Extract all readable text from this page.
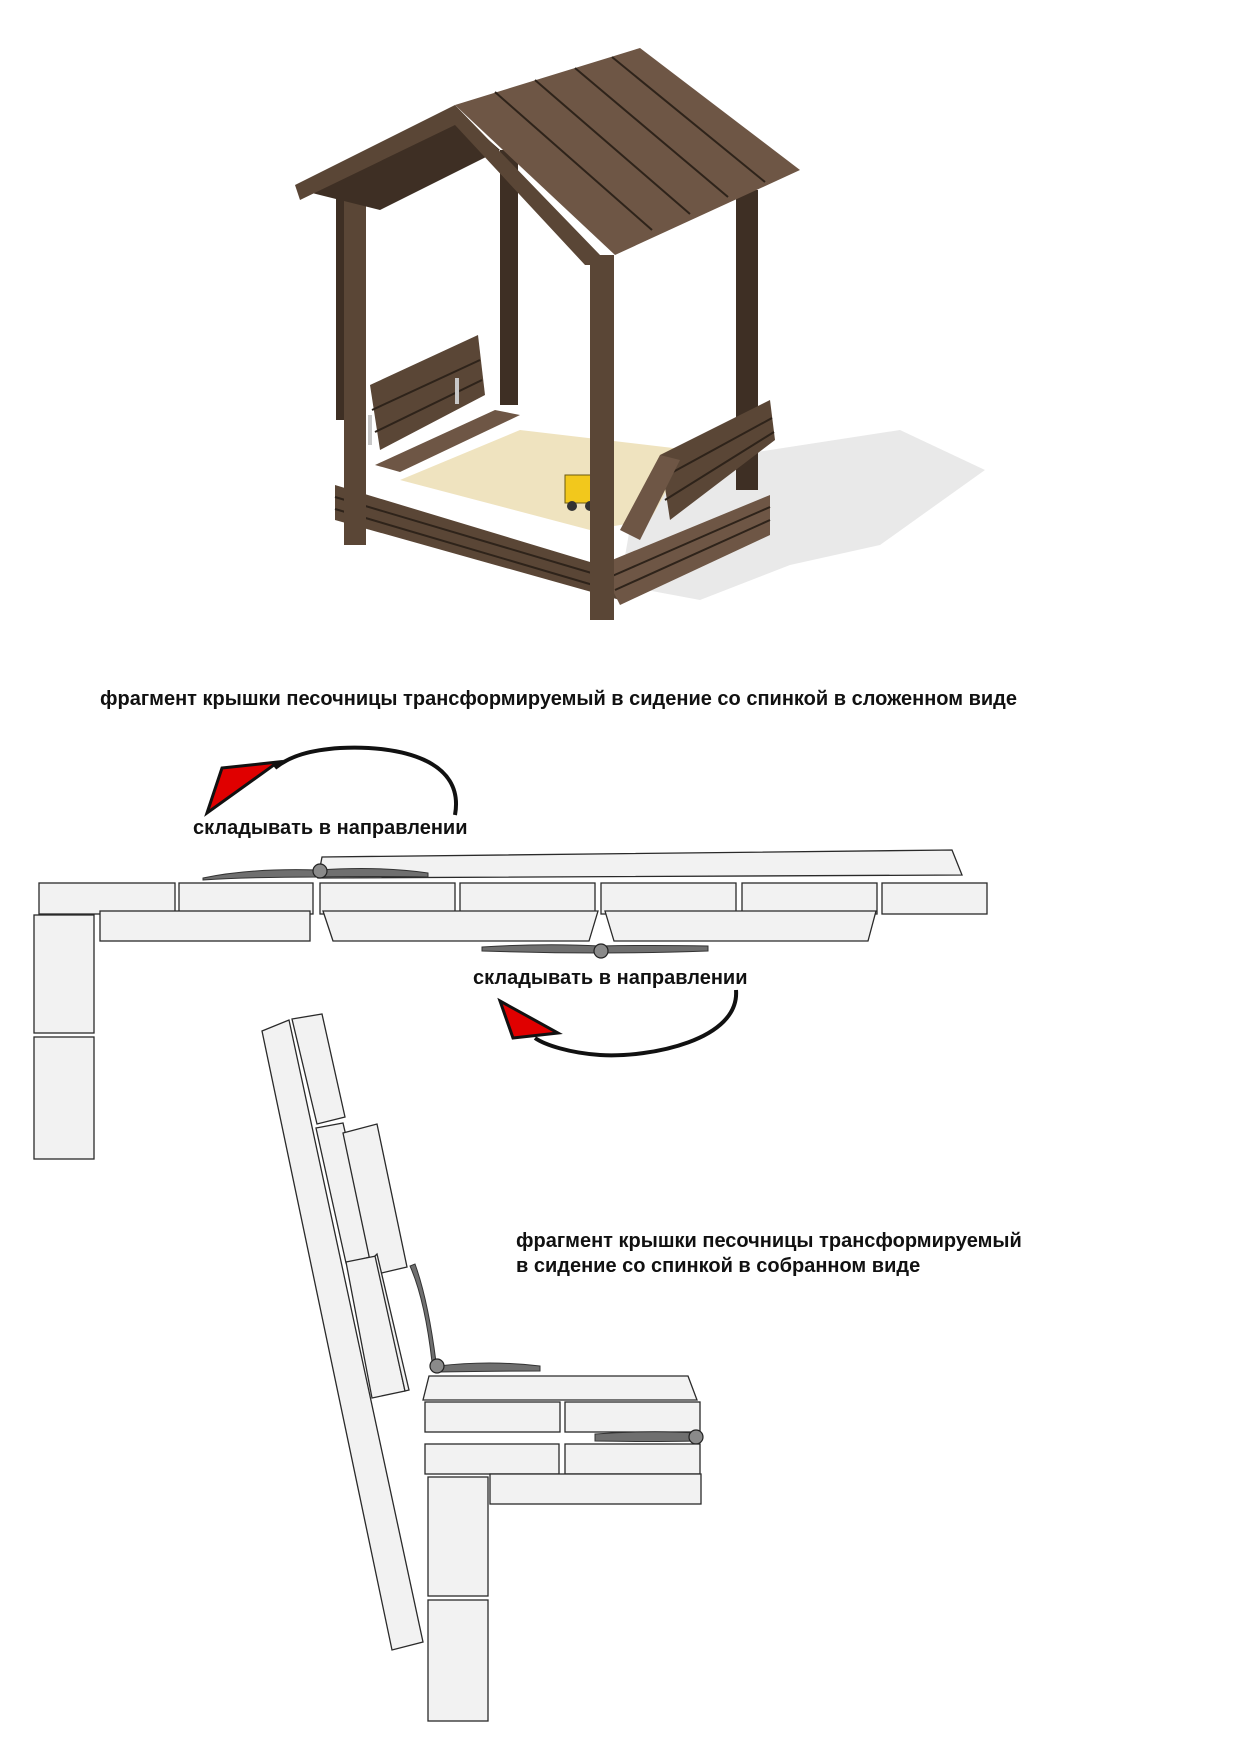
фрагмент крышки песочницы трансформируемый в сидение со спинкой в сложенном виде
складывать в направлении
складывать в направлении
фрагмент крышки песочницы трансформируемый
в сидение со спинкой в собранном виде
